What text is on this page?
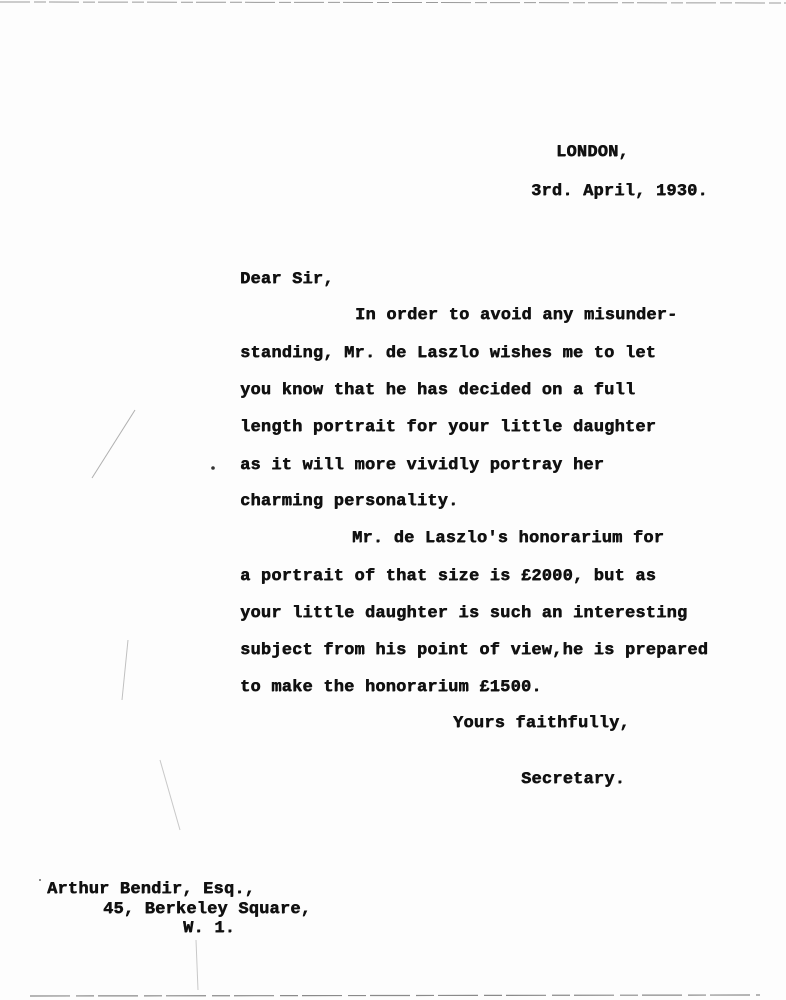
LONDON,
3rd. April, 1930.
Dear Sir,
In order to avoid any misunder-
standing, Mr. de Laszlo wishes me to let
you know that he has decided on a full
length portrait for your little daughter
as it will more vividly portray her
charming personality.
Mr. de Laszlo's honorarium for
a portrait of that size is £2000, but as
your little daughter is such an interesting
subject from his point of view,he is prepared
to make the honorarium £1500.
Yours faithfully,
Secretary.
Arthur Bendir, Esq.,
45, Berkeley Square,
W. 1.
